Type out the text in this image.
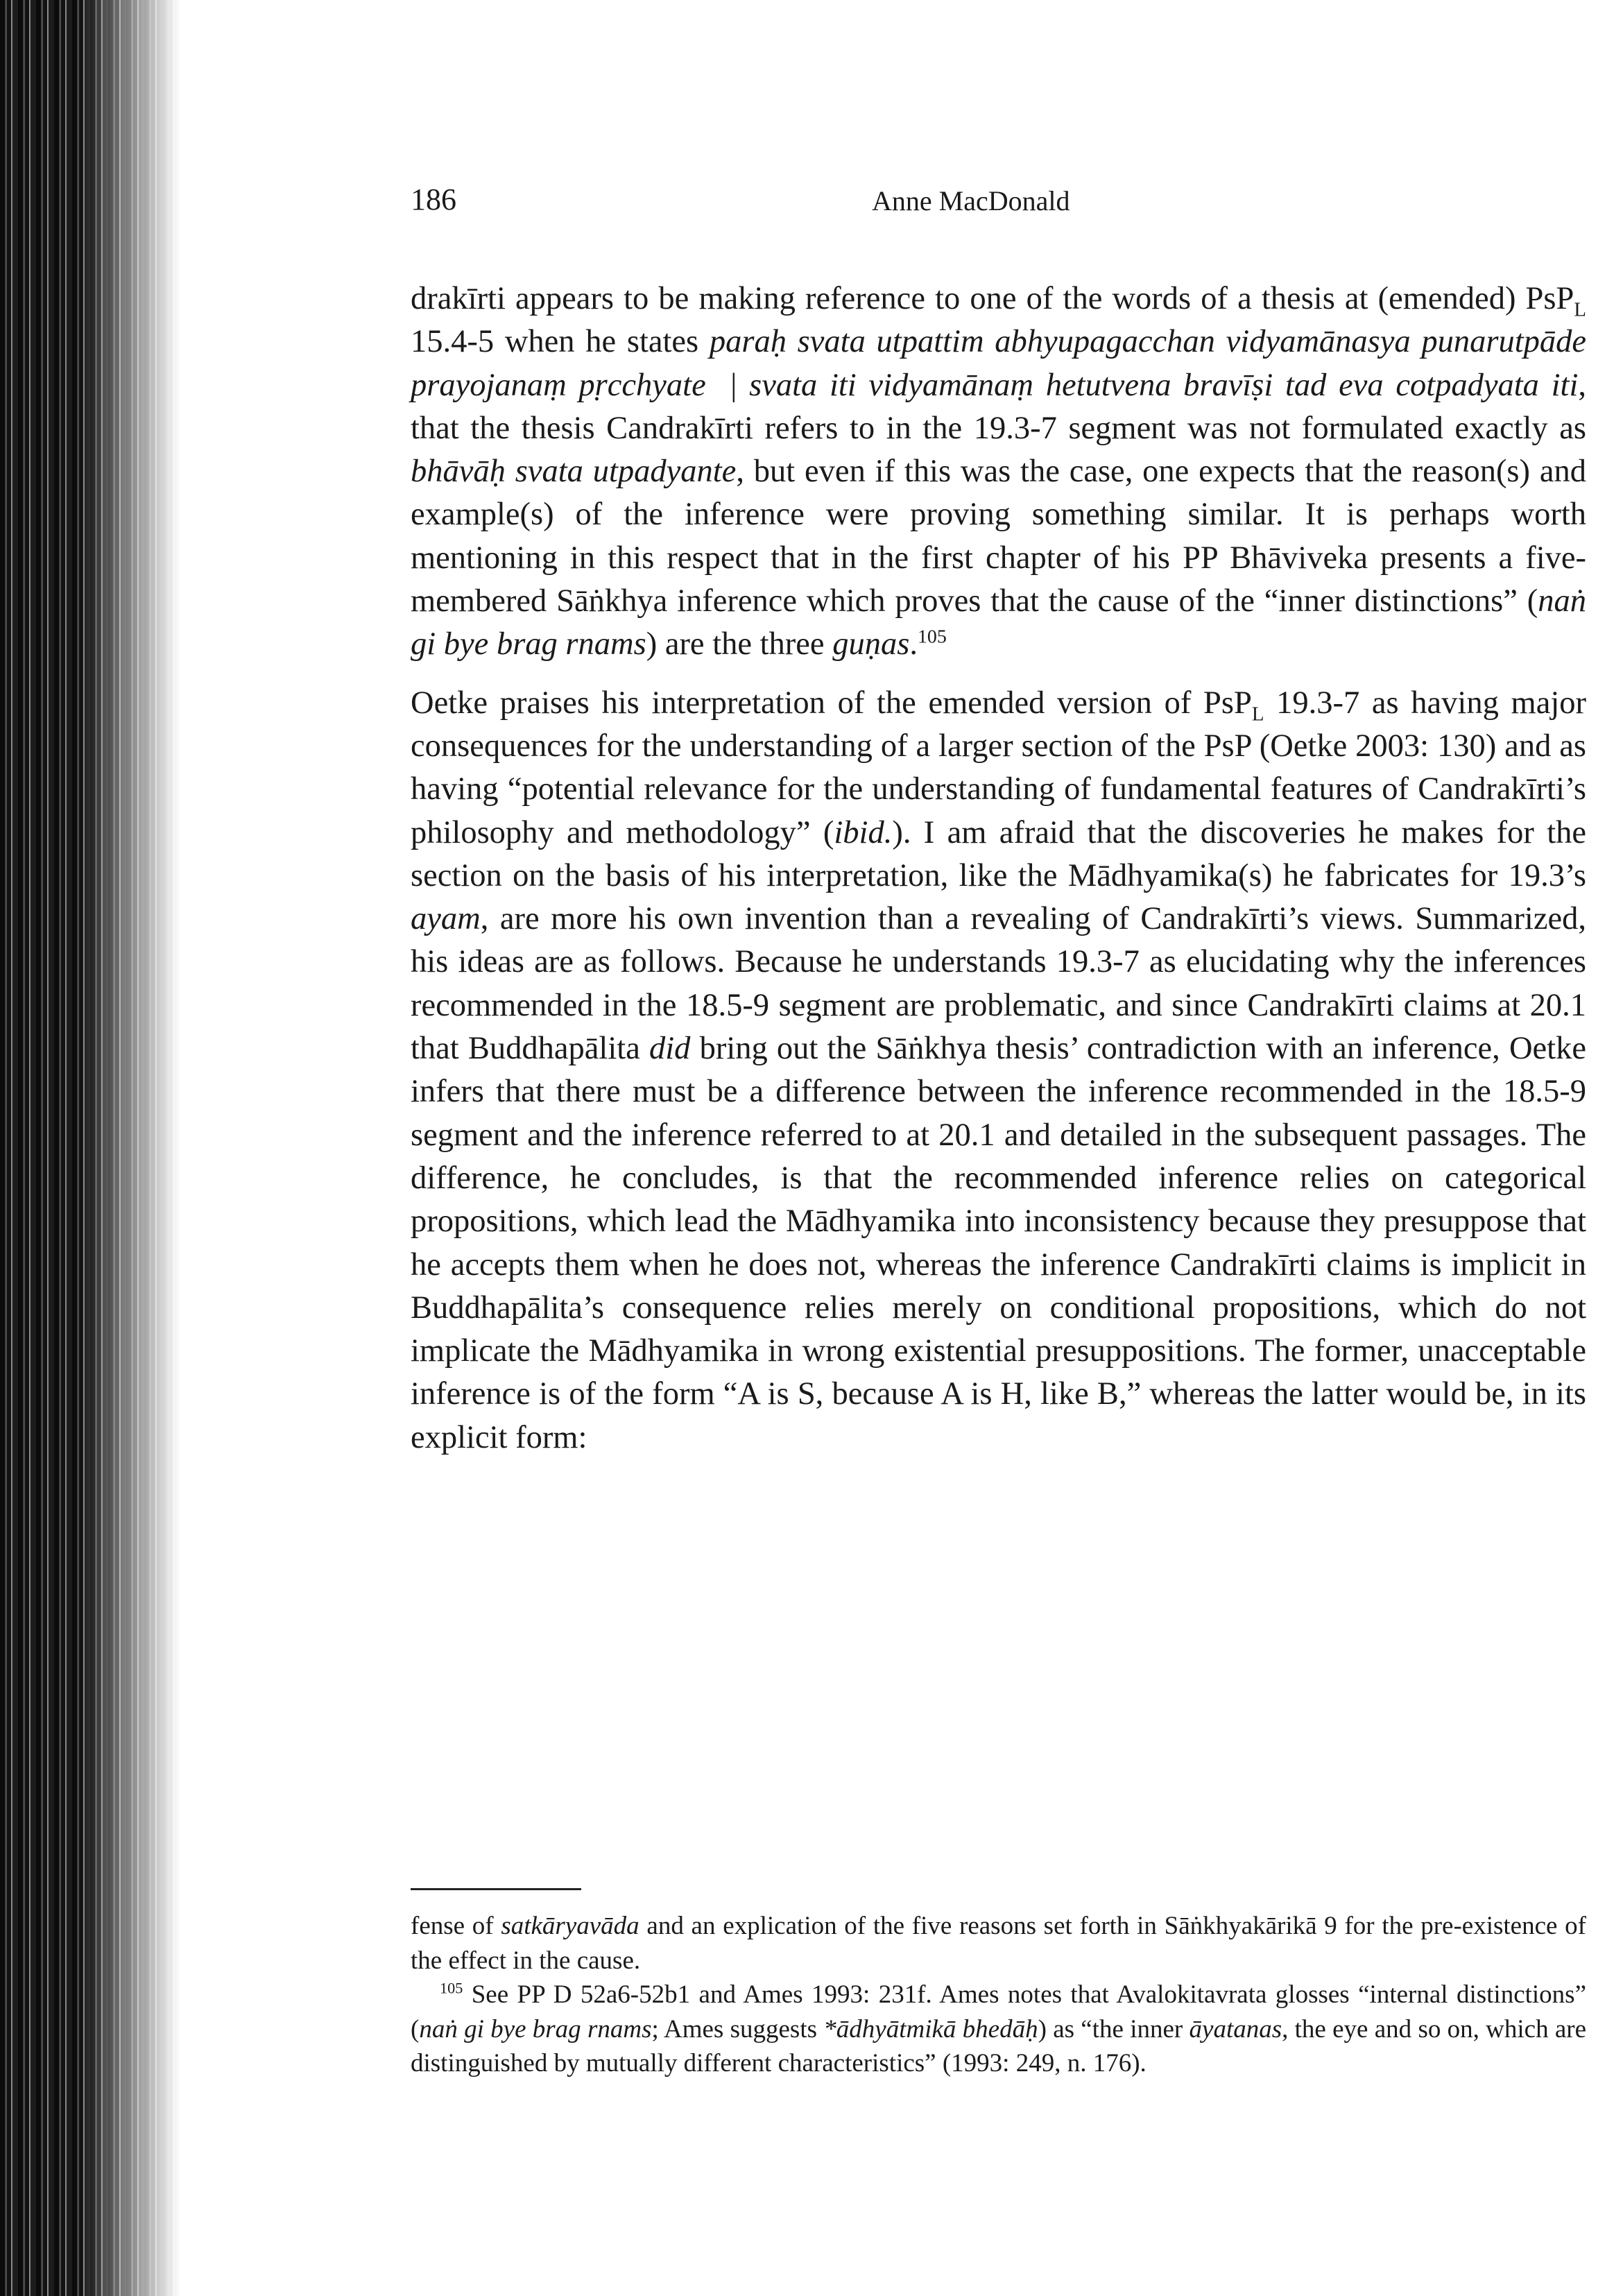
186	Anne MacDonald

drakīrti appears to be making reference to one of the words of a thesis at (emended) PsP$_L$ 15.4-5 when he states paraḥ svata utpattim abhyupagacchan vidyamānasya punarutpāde prayojanaṃ pṛcchyate  | svata iti vidyamānaṃ hetutvena bravīṣi tad eva cotpadyata iti, that the thesis Candrakīrti refers to in the 19.3-7 segment was not formulated exactly as bhāvāḥ svata utpadyante, but even if this was the case, one expects that the reason(s) and example(s) of the inference were proving something similar. It is perhaps worth mentioning in this respect that in the first chapter of his PP Bhāviveka presents a five-membered Sāṅkhya inference which proves that the cause of the “inner distinctions” (naṅ gi bye brag rnams) are the three guṇas.$^{105}$

Oetke praises his interpretation of the emended version of PsP$_L$ 19.3-7 as having major consequences for the understanding of a larger section of the PsP (Oetke 2003: 130) and as having “potential relevance for the understanding of fundamental features of Candrakīrti’s philosophy and methodology” (ibid.). I am afraid that the discoveries he makes for the section on the basis of his interpretation, like the Mādhyamika(s) he fabricates for 19.3’s ayam, are more his own invention than a revealing of Candrakīrti’s views. Summarized, his ideas are as follows. Because he understands 19.3-7 as elucidating why the inferences recommended in the 18.5-9 segment are problematic, and since Candrakīrti claims at 20.1 that Buddhapālita did bring out the Sāṅkhya thesis’ contradiction with an inference, Oetke infers that there must be a difference between the inference recommended in the 18.5-9 segment and the inference referred to at 20.1 and detailed in the subsequent passages. The difference, he concludes, is that the recommended inference relies on categorical propositions, which lead the Mādhyamika into inconsistency because they presuppose that he accepts them when he does not, whereas the inference Candrakīrti claims is implicit in Buddhapālita’s consequence relies merely on conditional propositions, which do not implicate the Mādhyamika in wrong existential presuppositions. The former, unacceptable inference is of the form “A is S, because A is H, like B,” whereas the latter would be, in its explicit form:

fense of satkāryavāda and an explication of the five reasons set forth in Sāṅkhyakārikā 9 for the pre-existence of the effect in the cause.

$^{105}$ See PP D 52a6-52b1 and Ames 1993: 231f. Ames notes that Avalokitavrata glosses “internal distinctions” (naṅ gi bye brag rnams; Ames suggests *ādhyātmikā bhedāḥ) as “the inner āyatanas, the eye and so on, which are distinguished by mutually different characteristics” (1993: 249, n. 176).
